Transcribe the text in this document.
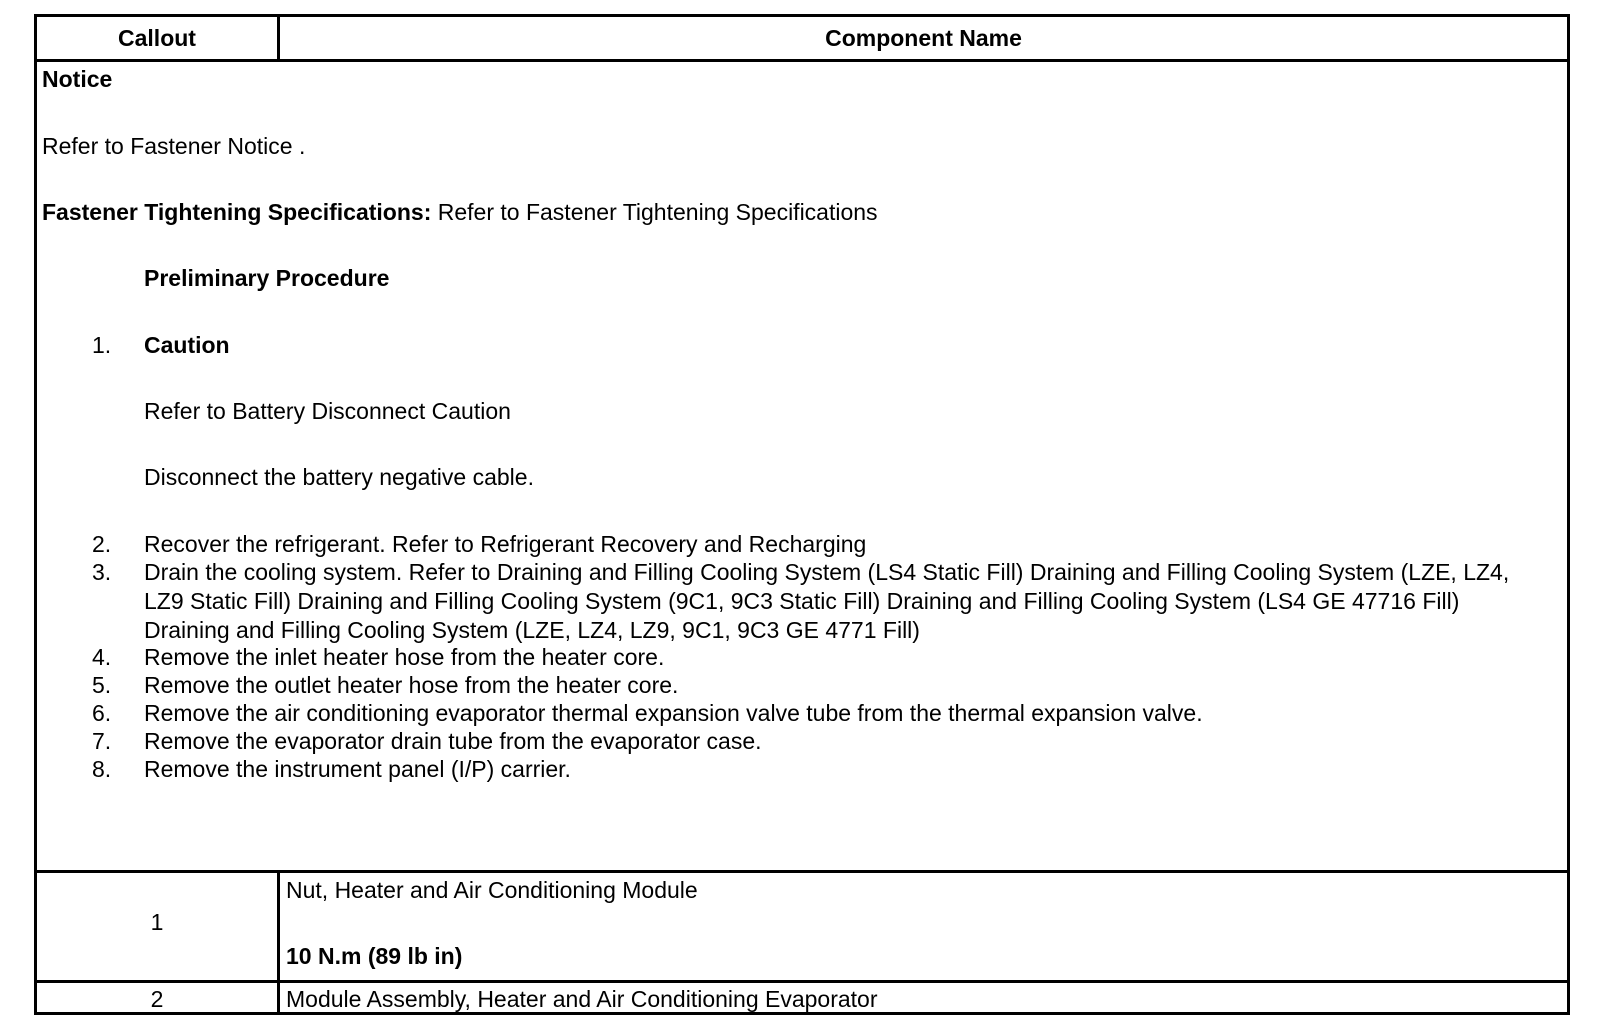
Callout	Component Name
Notice
Refer to Fastener Notice .
Fastener Tightening Specifications: Refer to Fastener Tightening Specifications
Preliminary Procedure
1. Caution
Refer to Battery Disconnect Caution
Disconnect the battery negative cable.
2. Recover the refrigerant. Refer to Refrigerant Recovery and Recharging
3. Drain the cooling system. Refer to Draining and Filling Cooling System (LS4 Static Fill) Draining and Filling Cooling System (LZE, LZ4, LZ9 Static Fill) Draining and Filling Cooling System (9C1, 9C3 Static Fill) Draining and Filling Cooling System (LS4 GE 47716 Fill) Draining and Filling Cooling System (LZE, LZ4, LZ9, 9C1, 9C3 GE 4771 Fill)
4. Remove the inlet heater hose from the heater core.
5. Remove the outlet heater hose from the heater core.
6. Remove the air conditioning evaporator thermal expansion valve tube from the thermal expansion valve.
7. Remove the evaporator drain tube from the evaporator case.
8. Remove the instrument panel (I/P) carrier.
1
Nut, Heater and Air Conditioning Module
10 N.m (89 lb in)
2	Module Assembly, Heater and Air Conditioning Evaporator
